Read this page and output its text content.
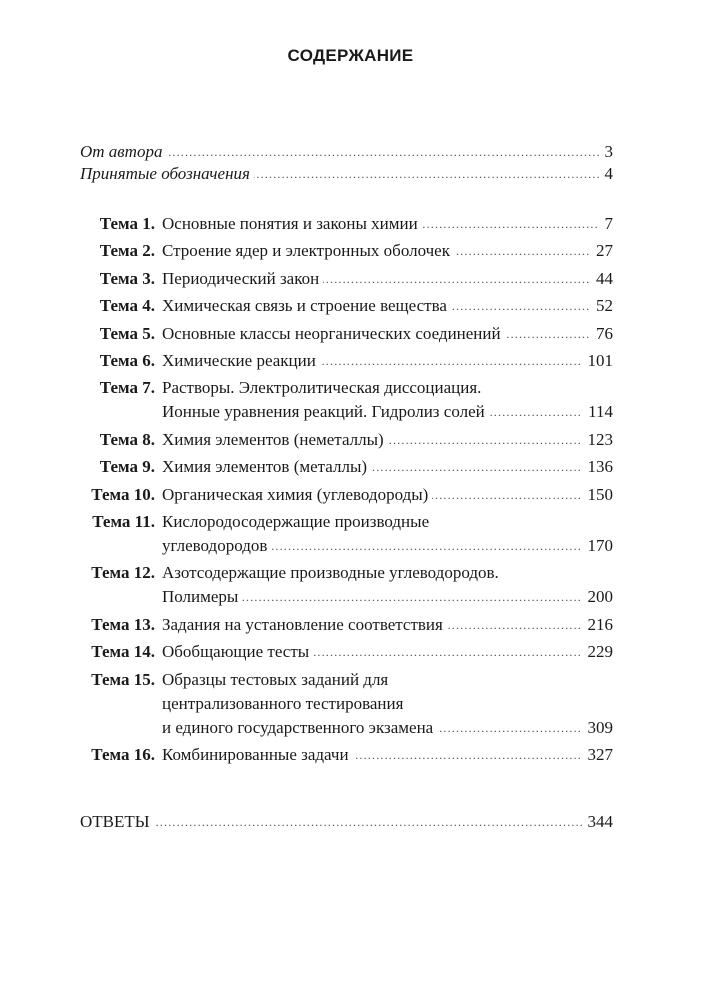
СОДЕРЖАНИЕ
.....
От автора	3
.....
Принятые обозначения	4
Тема 1. ..... Основные понятия и законы химии	7
Тема 2. ..... Строение ядер и электронных оболочек	27
Тема 3. ..... Периодический закон	44
Тема 4. ..... Химическая связь и строение вещества	52
Тема 5. ..... Основные классы неорганических соединений	76
Тема 6. ..... Химические реакции	101
Тема 7. Растворы. Электролитическая диссоциация.
.....
Ионные уравнения реакций. Гидролиз солей	114
Тема 8. ..... Химия элементов (неметаллы)	123
Тема 9. ..... Химия элементов (металлы)	136
Тема 10. ..... Органическая химия (углеводороды)	150
Тема 11. Кислородосодержащие производные
.....
углеводородов	170
Тема 12. Азотсодержащие производные углеводородов.
.....
Полимеры	200
Тема 13. ..... Задания на установление соответствия	216
Тема 14. ..... Обобщающие тесты	229
Тема 15. Образцы тестовых заданий для
централизованного тестирования
.....
и единого государственного экзамена	309
Тема 16. ..... Комбинированные задачи	327
.....
ОТВЕТЫ	344
